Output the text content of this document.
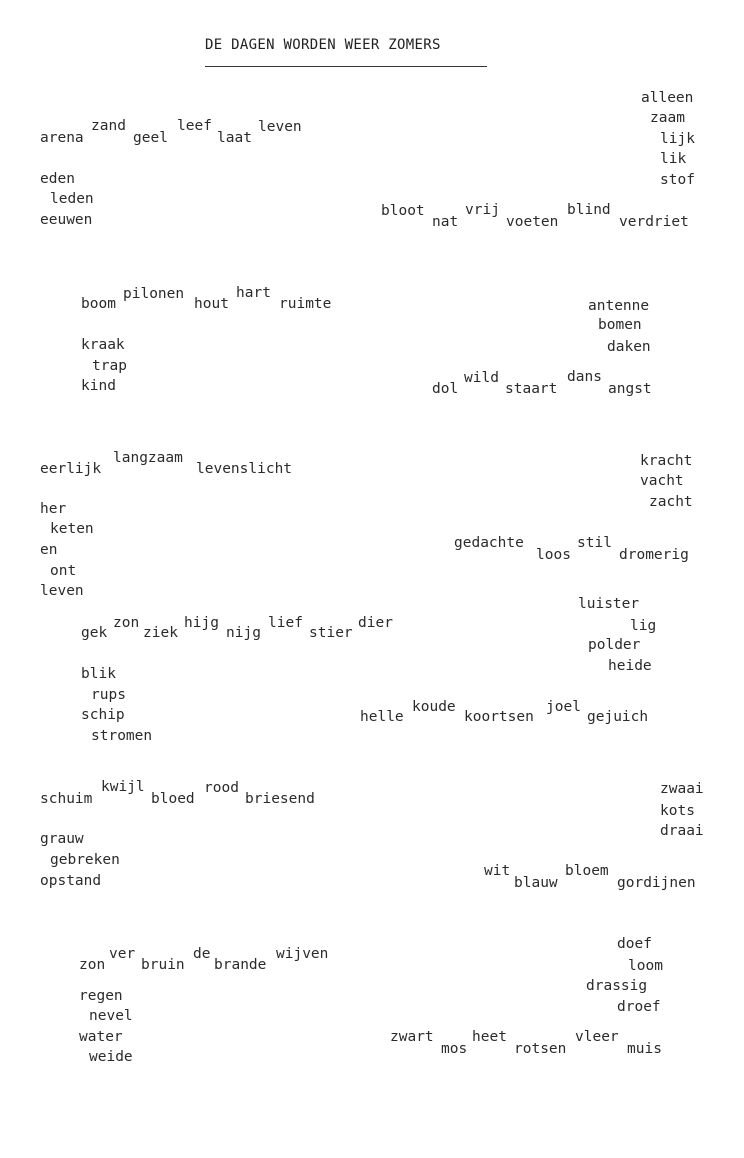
DE DAGEN WORDEN WEER ZOMERS
alleen
zaam
lijk
lik
stof
arena
zand
geel
leef
laat
leven
eden
leden
eeuwen
bloot
nat
vrij
voeten
blind
verdriet
boom
pilonen
hout
hart
ruimte	antenne
bomen
daken
kraak
trap
kind	dol
wild
staart
dans
angst
eerlijk
langzaam
levenslicht	kracht
vacht
zacht
her
keten
en
ont
leven
gedachte
loos
stil
dromerig
luister
lig
polder
heide
gek
zon
ziek
hijg
nijg
lief
stier
dier
blik
rups
schip
stromen
helle
koude
koortsen
joel
gejuich
schuim
kwijl
bloed
rood
briesend
zwaai
kots
draai
grauw
gebreken
opstand
wit
blauw
bloem
gordijnen
zon
ver
bruin
de
brande
wijven
doef
loom
drassig
droef
regen
nevel
water
weide
zwart
mos
heet
rotsen
vleer
muis
